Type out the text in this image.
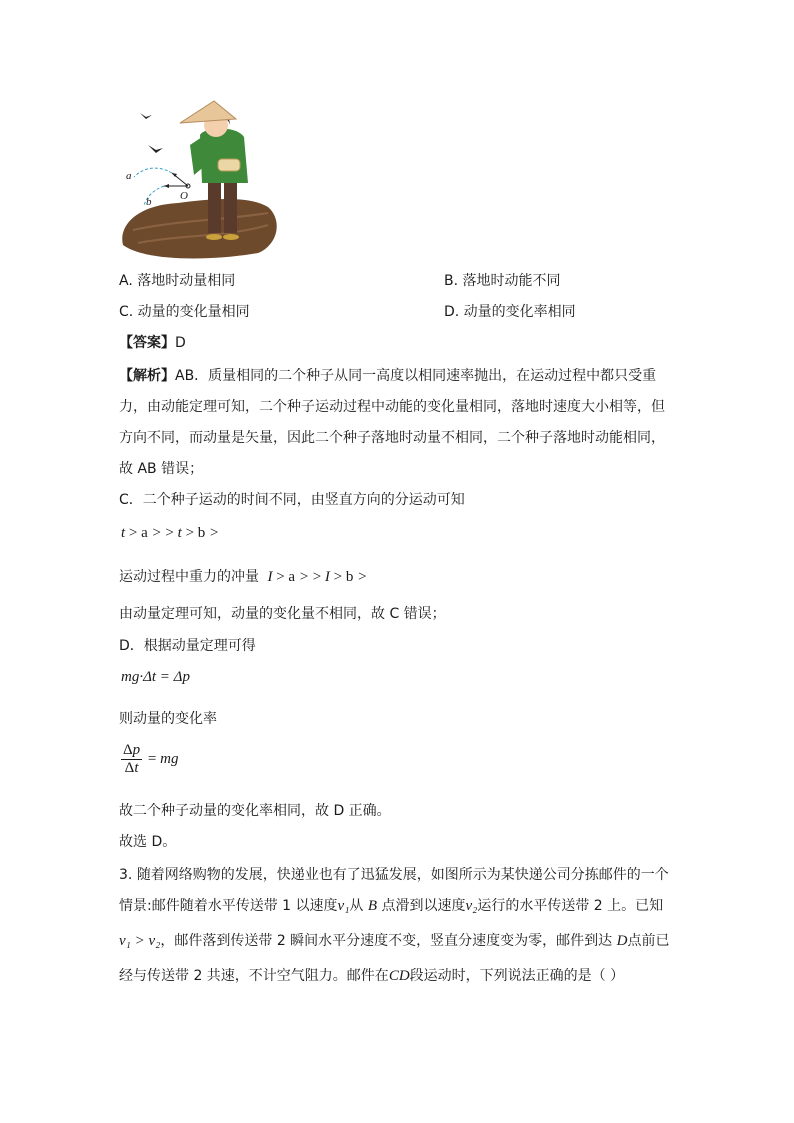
a
b	O
A. 落地时动量相同	B. 落地时动能不同
C. 动量的变化量相同	D. 动量的变化率相同
【答案】D
【解析】AB．质量相同的二个种子从同一高度以相同速率抛出，在运动过程中都只受重
力，由动能定理可知，二个种子运动过程中动能的变化量相同，落地时速度大小相等，但
方向不同，而动量是矢量，因此二个种子落地时动量不相同，二个种子落地时动能相同，
故 AB 错误；
C．二个种子运动的时间不同，由竖直方向的分运动可知
t > a > > t > b >
运动过程中重力的冲量 I > a > > I > b >
由动量定理可知，动量的变化量不相同，故 C 错误；
D．根据动量定理可得
mg·Δt = Δp
则动量的变化率
$\frac{\Delta p}{\Delta t}$ = mg
故二个种子动量的变化率相同，故 D 正确。
故选 D。
3. 随着网络购物的发展，快递业也有了迅猛发展，如图所示为某快递公司分拣邮件的一个
情景:邮件随着水平传送带 1 以速度v₁从 B 点滑到以速度v₂运行的水平传送带 2 上。已知
v₁ > v₂，邮件落到传送带 2 瞬间水平分速度不变，竖直分速度变为零，邮件到达 D点前已
经与传送带 2 共速，不计空气阻力。邮件在CD段运动时，下列说法正确的是（ ）
